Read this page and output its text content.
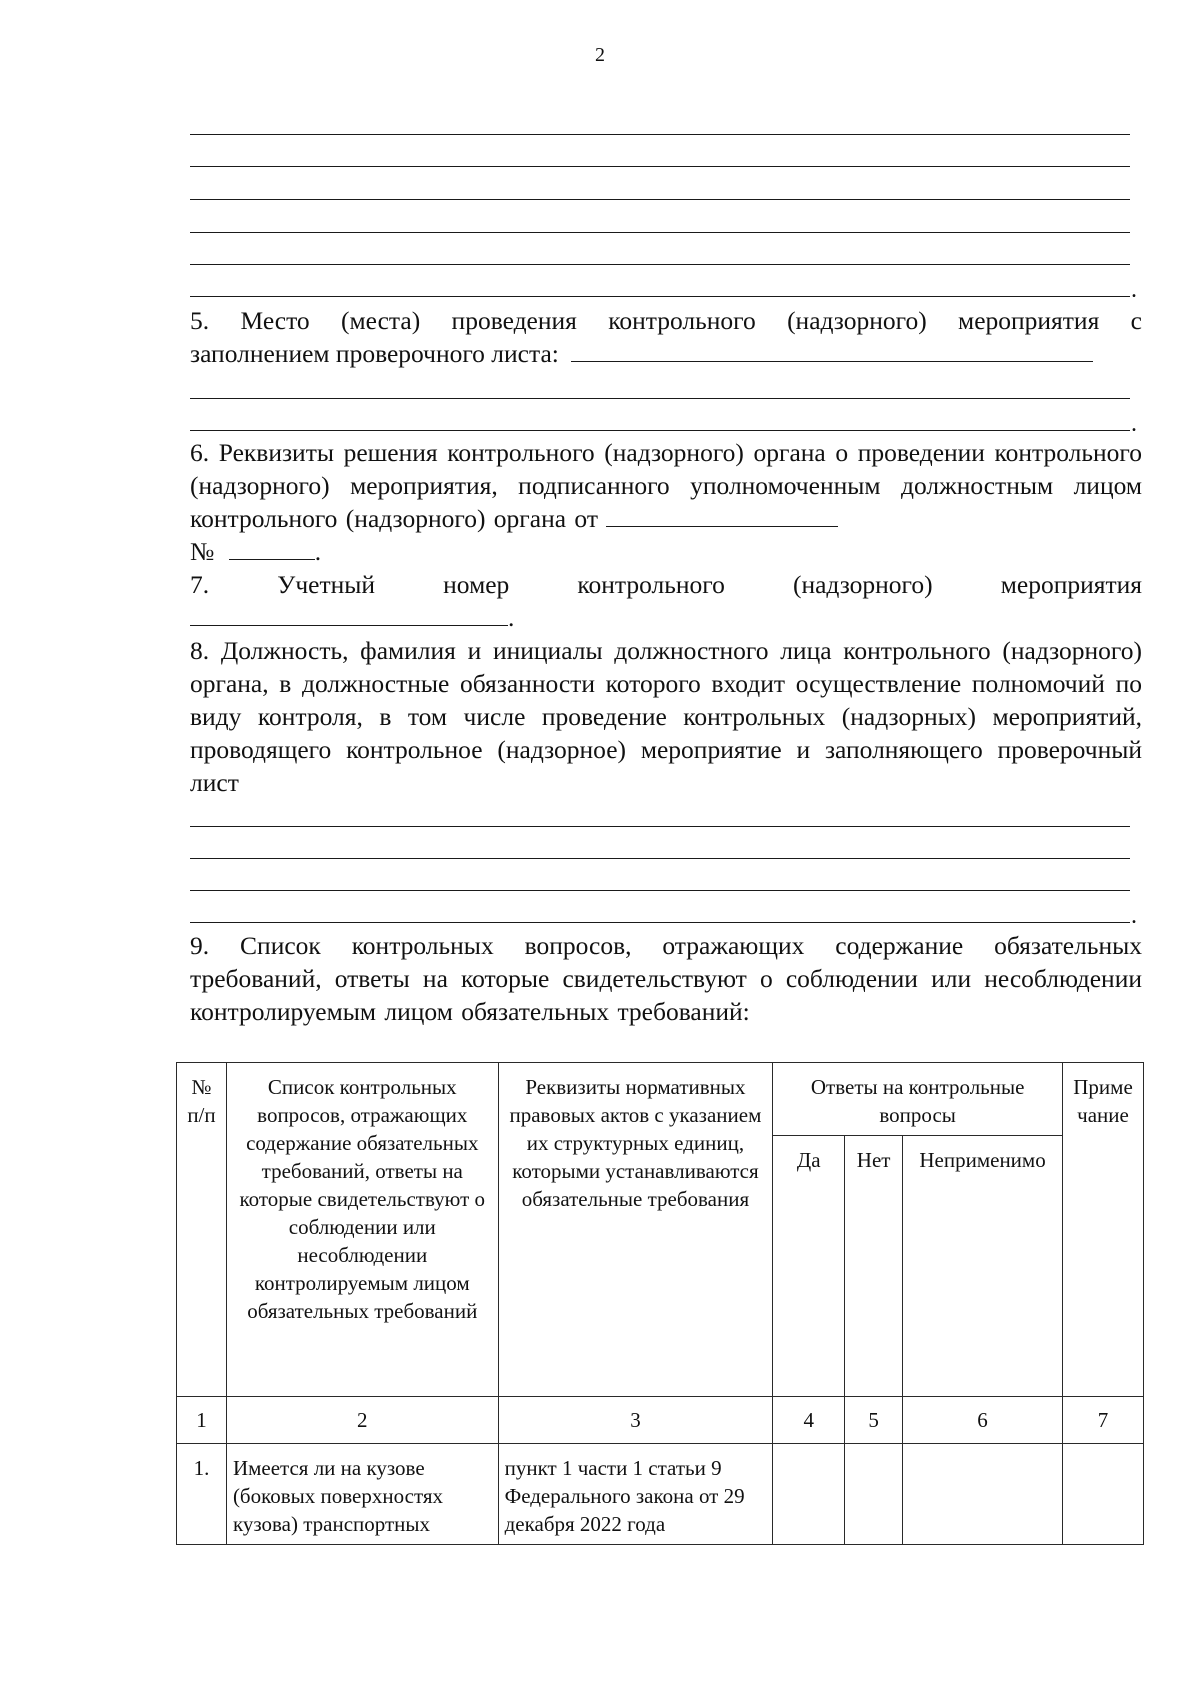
2
.
5. Место (места) проведения контрольного (надзорного) мероприятия с
заполнением проверочного листа:
.
6. Реквизиты решения контрольного (надзорного) органа о проведении контрольного (надзорного) мероприятия, подписанного уполномоченным должностным лицом контрольного (надзорного) органа от
№	.
7. Учетный номер контрольного (надзорного) мероприятия
.
8. Должность, фамилия и инициалы должностного лица контрольного (надзорного) органа, в должностные обязанности которого входит осуществление полномочий по виду контроля, в том числе проведение контрольных (надзорных) мероприятий, проводящего контрольное (надзорное) мероприятие и заполняющего проверочный лист
.
9. Список контрольных вопросов, отражающих содержание обязательных требований, ответы на которые свидетельствуют о соблюдении или несоблюдении контролируемым лицом обязательных требований:
№ п/п	Список контрольных вопросов, отражающих содержание обязательных требований, ответы на которые свидетельствуют о соблюдении или несоблюдении контролируемым лицом обязательных требований	Реквизиты нормативных правовых актов с указанием их структурных единиц, которыми устанавливаются обязательные требования	Ответы на контрольные вопросы			Приме чание
			Да	Нет	Неприменимо	
1	2	3	4	5	6	7
1.	Имеется ли на кузове (боковых поверхностях кузова) транспортных	пункт 1 части 1 статьи 9 Федерального закона от 29 декабря 2022 года				
